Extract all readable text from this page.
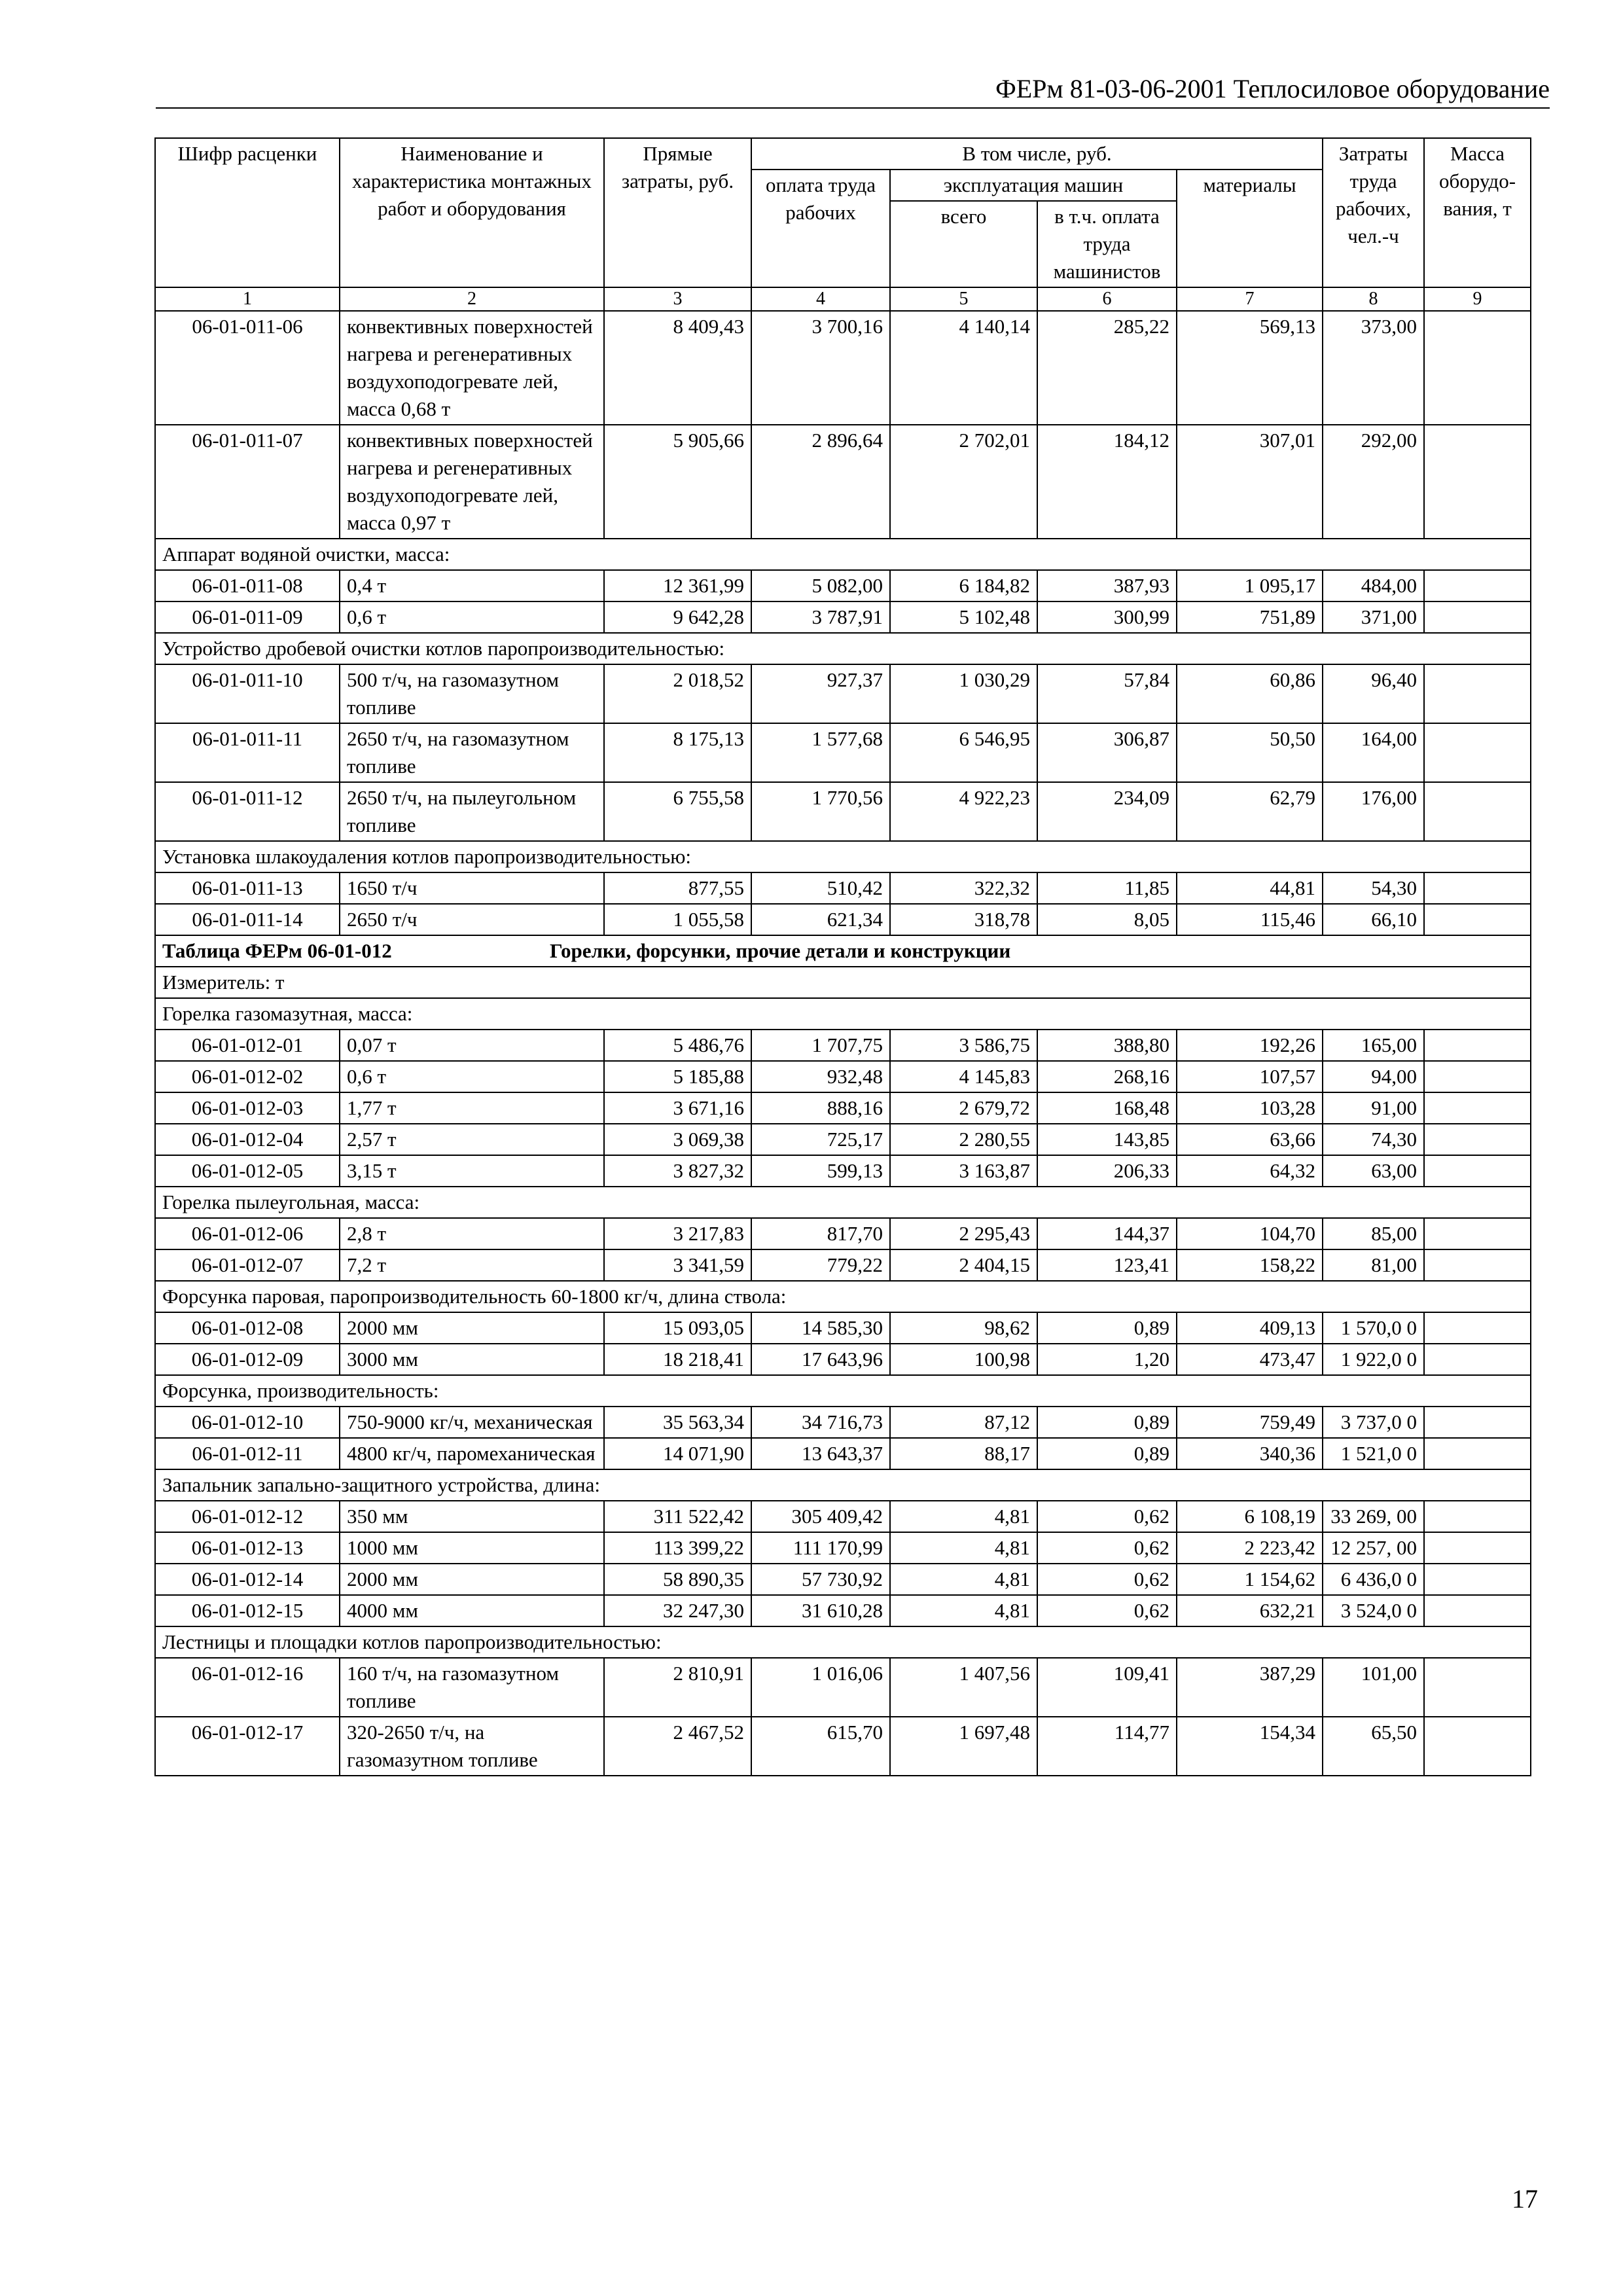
ФЕРм 81-03-06-2001 Теплосиловое оборудование
Шифр расценки	Наименование и характеристика монтажных работ и оборудования	Прямые затраты, руб.	В том числе, руб.				Затраты труда рабочих, чел.-ч	Масса оборудо-вания, т
			оплата труда рабочих	эксплуатация машин		материалы		
				всего	в т.ч. оплата труда машинистов			
1	2	3	4	5	6	7	8	9
06-01-011-06	конвективных поверхностей нагрева и регенеративных воздухоподогревате лей, масса 0,68 т	8 409,43	3 700,16	4 140,14	285,22	569,13	373,00	
06-01-011-07	конвективных поверхностей нагрева и регенеративных воздухоподогревате лей, масса 0,97 т	5 905,66	2 896,64	2 702,01	184,12	307,01	292,00	
Аппарат водяной очистки, масса:								
06-01-011-08	0,4 т	12 361,99	5 082,00	6 184,82	387,93	1 095,17	484,00	
06-01-011-09	0,6 т	9 642,28	3 787,91	5 102,48	300,99	751,89	371,00	
Устройство дробевой очистки котлов паропроизводительностью:								
06-01-011-10	500 т/ч, на газомазутном топливе	2 018,52	927,37	1 030,29	57,84	60,86	96,40	
06-01-011-11	2650 т/ч, на газомазутном топливе	8 175,13	1 577,68	6 546,95	306,87	50,50	164,00	
06-01-011-12	2650 т/ч, на пылеугольном топливе	6 755,58	1 770,56	4 922,23	234,09	62,79	176,00	
Установка шлакоудаления котлов паропроизводительностью:								
06-01-011-13	1650 т/ч	877,55	510,42	322,32	11,85	44,81	54,30	
06-01-011-14	2650 т/ч	1 055,58	621,34	318,78	8,05	115,46	66,10	
Таблица ФЕРм 06-01-012 Горелки, форсунки, прочие детали и конструкции								
Измеритель: т								
Горелка газомазутная, масса:								
06-01-012-01	0,07 т	5 486,76	1 707,75	3 586,75	388,80	192,26	165,00	
06-01-012-02	0,6 т	5 185,88	932,48	4 145,83	268,16	107,57	94,00	
06-01-012-03	1,77 т	3 671,16	888,16	2 679,72	168,48	103,28	91,00	
06-01-012-04	2,57 т	3 069,38	725,17	2 280,55	143,85	63,66	74,30	
06-01-012-05	3,15 т	3 827,32	599,13	3 163,87	206,33	64,32	63,00	
Горелка пылеугольная, масса:								
06-01-012-06	2,8 т	3 217,83	817,70	2 295,43	144,37	104,70	85,00	
06-01-012-07	7,2 т	3 341,59	779,22	2 404,15	123,41	158,22	81,00	
Форсунка паровая, паропроизводительность 60-1800 кг/ч, длина ствола:								
06-01-012-08	2000 мм	15 093,05	14 585,30	98,62	0,89	409,13	1 570,0 0	
06-01-012-09	3000 мм	18 218,41	17 643,96	100,98	1,20	473,47	1 922,0 0	
Форсунка, производительность:								
06-01-012-10	750-9000 кг/ч, механическая	35 563,34	34 716,73	87,12	0,89	759,49	3 737,0 0	
06-01-012-11	4800 кг/ч, паромеханическая	14 071,90	13 643,37	88,17	0,89	340,36	1 521,0 0	
Запальник запально-защитного устройства, длина:								
06-01-012-12	350 мм	311 522,42	305 409,42	4,81	0,62	6 108,19	33 269, 00	
06-01-012-13	1000 мм	113 399,22	111 170,99	4,81	0,62	2 223,42	12 257, 00	
06-01-012-14	2000 мм	58 890,35	57 730,92	4,81	0,62	1 154,62	6 436,0 0	
06-01-012-15	4000 мм	32 247,30	31 610,28	4,81	0,62	632,21	3 524,0 0	
Лестницы и площадки котлов паропроизводительностью:								
06-01-012-16	160 т/ч, на газомазутном топливе	2 810,91	1 016,06	1 407,56	109,41	387,29	101,00	
06-01-012-17	320-2650 т/ч, на газомазутном топливе	2 467,52	615,70	1 697,48	114,77	154,34	65,50	
17
